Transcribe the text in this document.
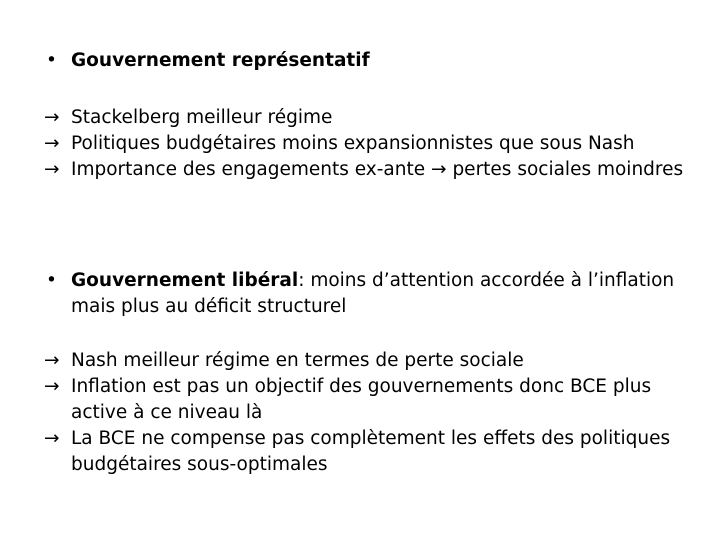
• Gouvernement représentatif
→ Stackelberg meilleur régime
→ Politiques budgétaires moins expansionnistes que sous Nash
→ Importance des engagements ex-ante → pertes sociales moindres
• Gouvernement libéral: moins d’attention accordée à l’inflation mais plus au déficit structurel
→ Nash meilleur régime en termes de perte sociale
→ Inflation est pas un objectif des gouvernements donc BCE plus active à ce niveau là
→ La BCE ne compense pas complètement les effets des politiques budgétaires sous-optimales
